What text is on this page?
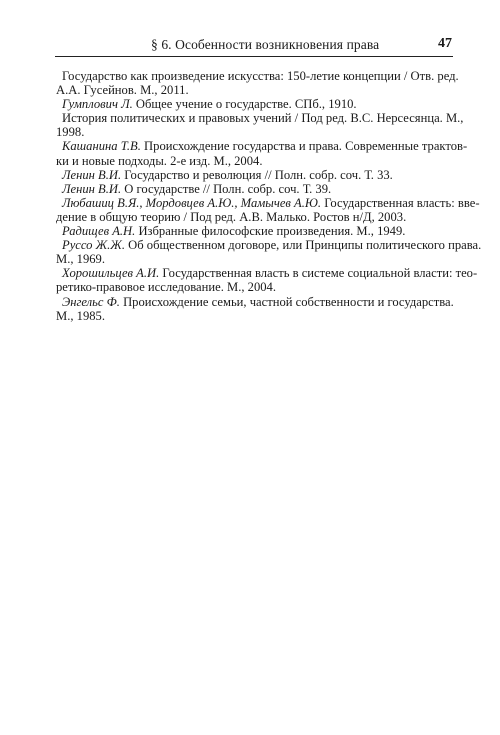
§ 6. Особенности возникновения права	47
Государство как произведение искусства: 150-летие концепции / Отв. ред.
А.А. Гусейнов. М., 2011.
Гумплович Л. Общее учение о государстве. СПб., 1910.
История политических и правовых учений / Под ред. В.С. Нерсесянца. М.,
1998.
Кашанина Т.В. Происхождение государства и права. Современные трактов-
ки и новые подходы. 2-е изд. М., 2004.
Ленин В.И. Государство и революция // Полн. собр. соч. Т. 33.
Ленин В.И. О государстве // Полн. собр. соч. Т. 39.
Любашиц В.Я., Мордовцев А.Ю., Мамычев А.Ю. Государственная власть: вве-
дение в общую теорию / Под ред. А.В. Малько. Ростов н/Д, 2003.
Радищев А.Н. Избранные философские произведения. М., 1949.
Руссо Ж.Ж. Об общественном договоре, или Принципы политического права.
М., 1969.
Хорошильцев А.И. Государственная власть в системе социальной власти: тео-
ретико-правовое исследование. М., 2004.
Энгельс Ф. Происхождение семьи, частной собственности и государства.
М., 1985.
